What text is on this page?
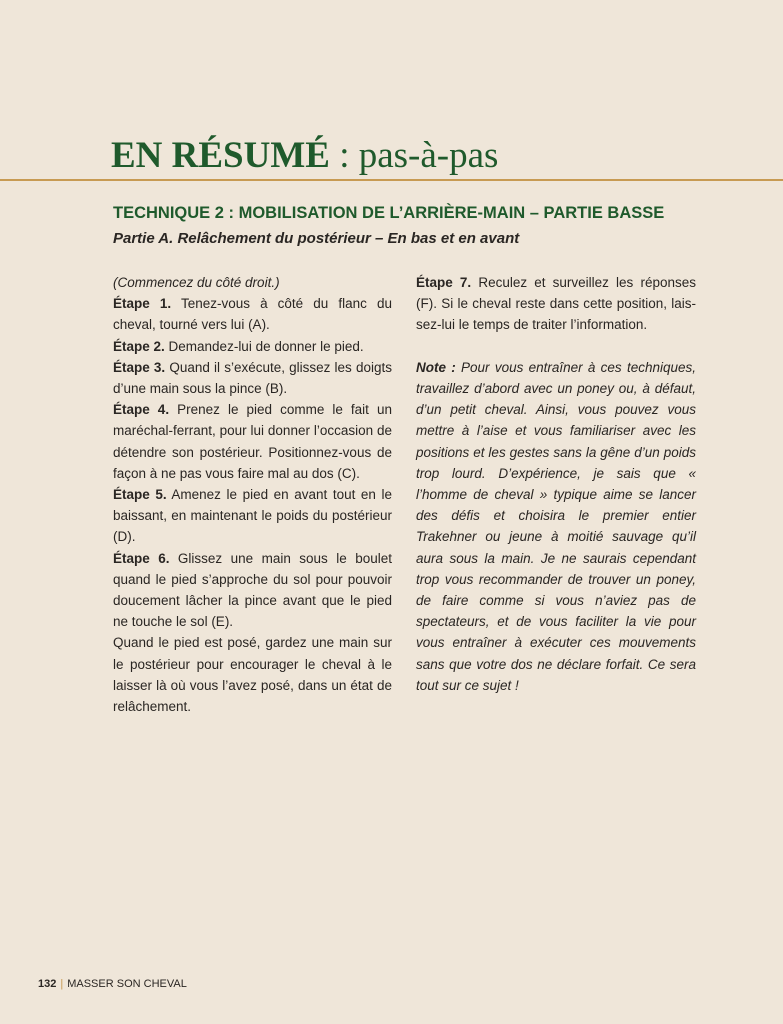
EN RÉSUMÉ : pas-à-pas
TECHNIQUE 2 : MOBILISATION DE L’ARRIÈRE-MAIN – PARTIE BASSE
Partie A. Relâchement du postérieur – En bas et en avant

(Commencez du côté droit.)

Étape 1. Tenez-vous à côté du flanc du cheval, tourné vers lui (A).

Étape 2. Demandez-lui de donner le pied.

Étape 3. Quand il s’exécute, glissez les doigts d’une main sous la pince (B).

Étape 4. Prenez le pied comme le fait un maréchal-ferrant, pour lui donner l’occasion de détendre son postérieur. Positionnez-vous de façon à ne pas vous faire mal au dos (C).

Étape 5. Amenez le pied en avant tout en le baissant, en maintenant le poids du postérieur (D).

Étape 6. Glissez une main sous le boulet quand le pied s’approche du sol pour pouvoir doucement lâcher la pince avant que le pied ne touche le sol (E).

Quand le pied est posé, gardez une main sur le postérieur pour encourager le cheval à le laisser là où vous l’avez posé, dans un état de relâchement.

Étape 7. Reculez et surveillez les réponses (F). Si le cheval reste dans cette position, laissez-lui le temps de traiter l’information.

Note : Pour vous entraîner à ces techniques, travaillez d’abord avec un poney ou, à défaut, d’un petit cheval. Ainsi, vous pouvez vous mettre à l’aise et vous familiariser avec les positions et les gestes sans la gêne d’un poids trop lourd. D’expérience, je sais que « l’homme de cheval » typique aime se lancer des défis et choisira le premier entier Trakehner ou jeune à moitié sauvage qu’il aura sous la main. Je ne saurais cependant trop vous recommander de trouver un poney, de faire comme si vous n’aviez pas de spectateurs, et de vous faciliter la vie pour vous entraîner à exécuter ces mouvements sans que votre dos ne déclare forfait. Ce sera tout sur ce sujet !

132 | MASSER SON CHEVAL
